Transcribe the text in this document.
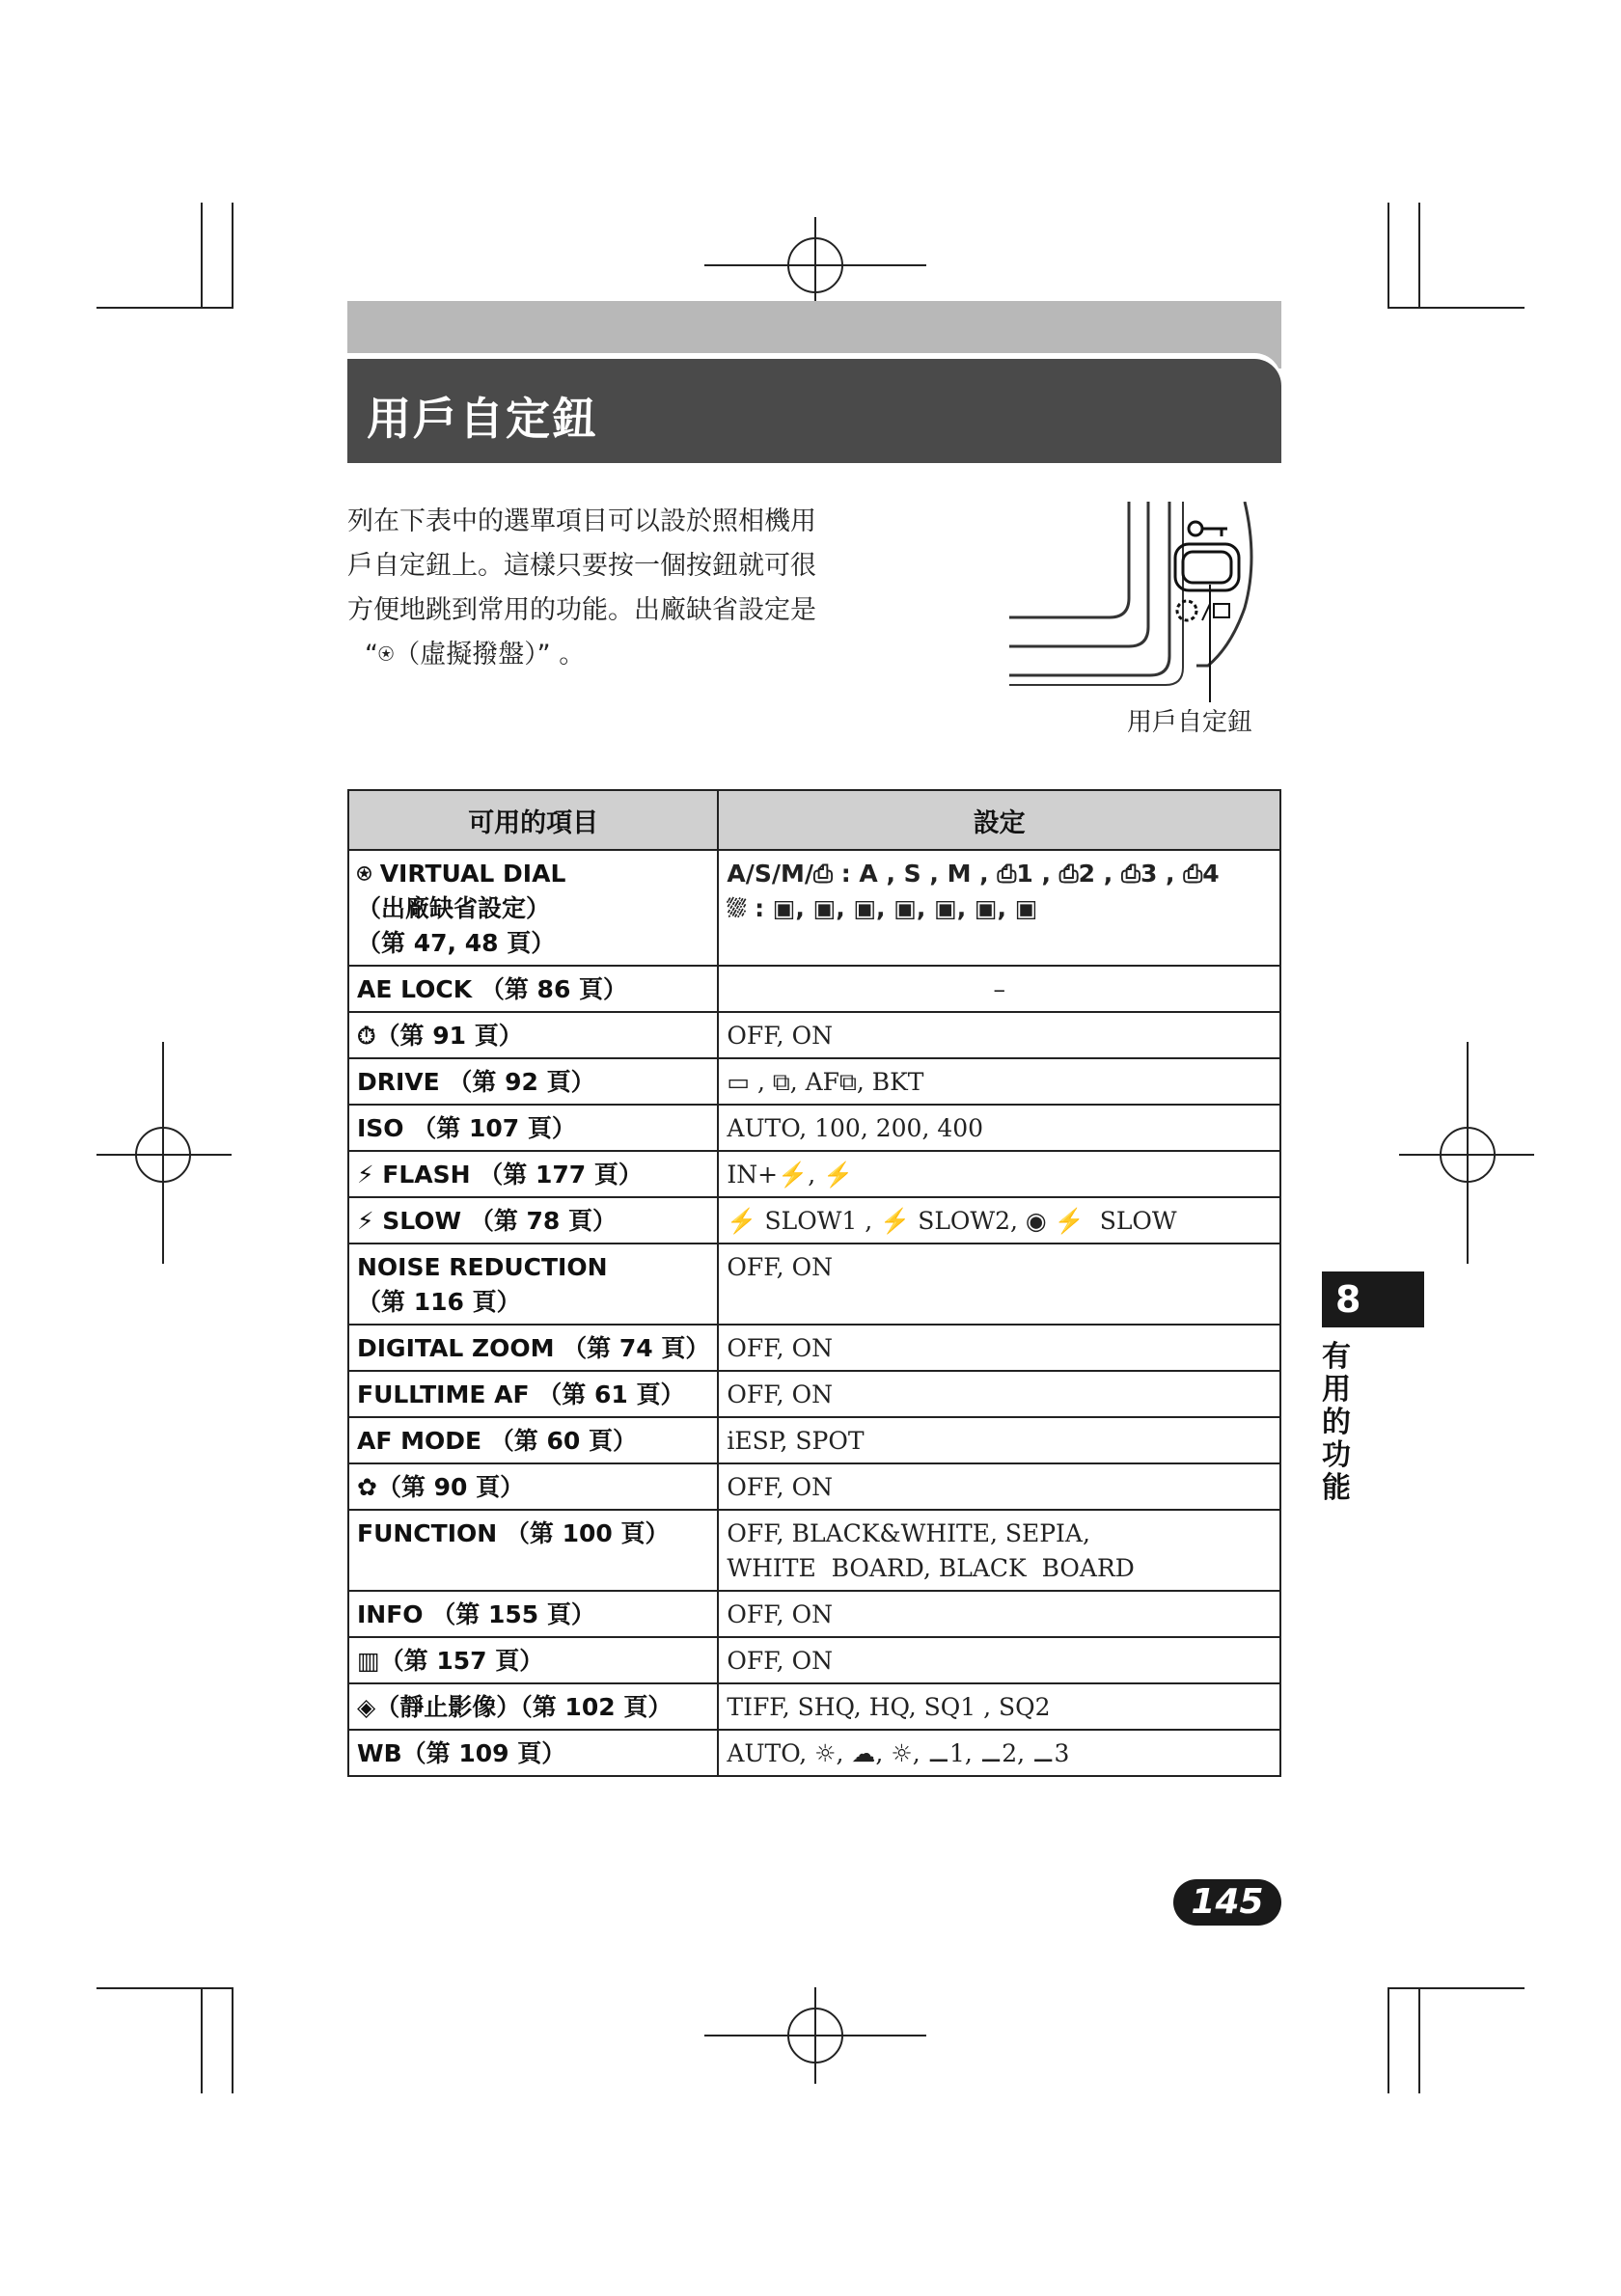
用戶自定鈕

列在下表中的選單項目可以設於照相機用

戶自定鈕上。這樣只要按一個按鈕就可很

方便地跳到常用的功能。出廠缺省設定是

“⍟（虛擬撥盤）” 。

用戶自定鈕
可用的項目	設定

⍟ VIRTUAL DIAL
（出廠缺省設定）
（第 47, 48 頁）	A/S/M/⎙ : A , S , M , ⎙1 , ⎙2 , ⎙3 , ⎙4
⛆ : ▣, ▣, ▣, ▣, ▣, ▣, ▣

AE LOCK （第 86 頁）	–

⏱（第 91 頁）	OFF, ON

DRIVE （第 92 頁）	▭ , ⧉, AF⧉, BKT

ISO （第 107 頁）	AUTO, 100, 200, 400

⚡ FLASH （第 177 頁）	IN+⚡, ⚡

⚡ SLOW （第 78 頁）	⚡ SLOW1 , ⚡ SLOW2, ◉ ⚡  SLOW

NOISE REDUCTION
（第 116 頁）	OFF, ON

DIGITAL ZOOM （第 74 頁）	OFF, ON

FULLTIME AF （第 61 頁）	OFF, ON

AF MODE （第 60 頁）	iESP, SPOT

✿（第 90 頁）	OFF, ON

FUNCTION （第 100 頁）	OFF, BLACK&WHITE, SEPIA,
WHITE  BOARD, BLACK  BOARD

INFO （第 155 頁）	OFF, ON

▥（第 157 頁）	OFF, ON

◈（靜止影像）（第 102 頁）	TIFF, SHQ, HQ, SQ1 , SQ2

WB（第 109 頁）	AUTO, ☼, ☁, ☼, ⚊1, ⚊2, ⚊3
8
有
用
的
功
能
145
